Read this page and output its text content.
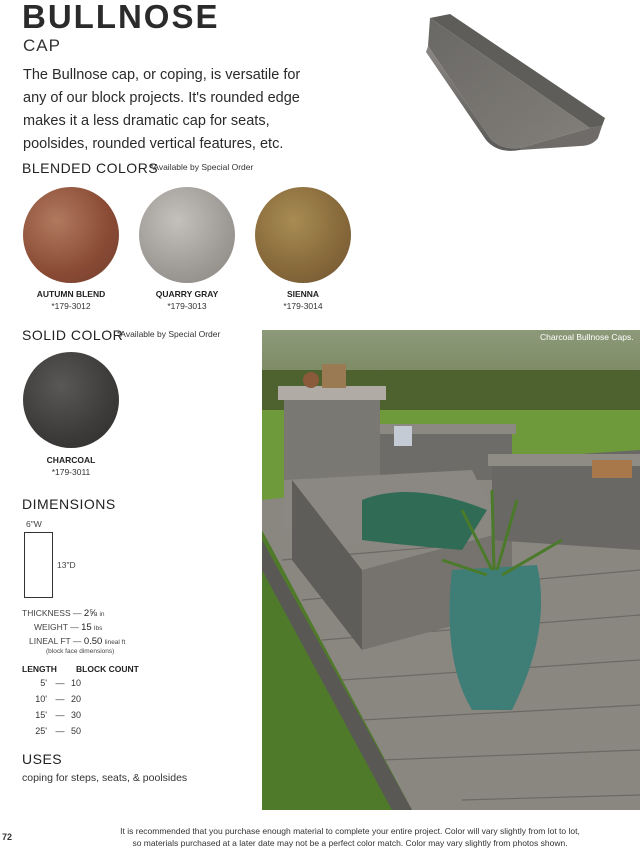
BULLNOSE
CAP
The Bullnose cap, or coping, is versatile for any of our block projects. It's rounded edge makes it a less dramatic cap for seats, poolsides, rounded vertical features, etc.
BLENDED COLORS
*Available by Special Order
AUTUMN BLEND
*179-3012
QUARRY GRAY
*179-3013
SIENNA
*179-3014
SOLID COLOR
*Available by Special Order
CHARCOAL
*179-3011
Charcoal Bullnose Caps.
DIMENSIONS
6"W
13"D
THICKNESS — 2⅝ in
WEIGHT — 15 lbs
LINEAL FT — 0.50 lineal ft
(block face dimensions)
LENGTH BLOCK COUNT
5' — 10
10' — 20
15' — 30
25' — 50
USES
coping for steps, seats, & poolsides
It is recommended that you purchase enough material to complete your entire project. Color will vary slightly from lot to lot,
so materials purchased at a later date may not be a perfect color match. Color may vary slightly from photos shown.
72
